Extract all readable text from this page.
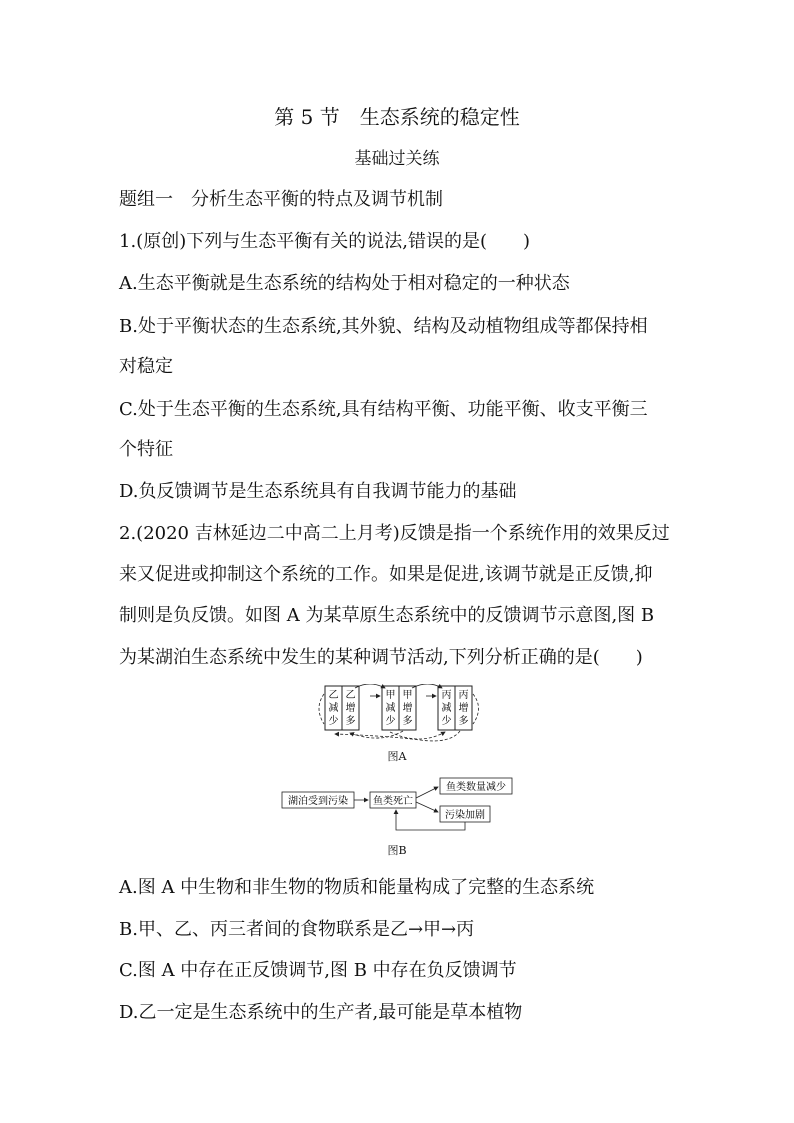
第 5 节　生态系统的稳定性
基础过关练
题组一　分析生态平衡的特点及调节机制
1.(原创)下列与生态平衡有关的说法,错误的是(　　)
A.生态平衡就是生态系统的结构处于相对稳定的一种状态
B.处于平衡状态的生态系统,其外貌、结构及动植物组成等都保持相
对稳定
C.处于生态平衡的生态系统,具有结构平衡、功能平衡、收支平衡三
个特征
D.负反馈调节是生态系统具有自我调节能力的基础
2.(2020 吉林延边二中高二上月考)反馈是指一个系统作用的效果反过
来又促进或抑制这个系统的工作。如果是促进,该调节就是正反馈,抑
制则是负反馈。如图 A 为某草原生态系统中的反馈调节示意图,图 B
为某湖泊生态系统中发生的某种调节活动,下列分析正确的是(　　)
乙
减
少
乙
增
多
甲
减
少
甲
增
多
丙
减
少
丙
增
多
图A
湖泊受到污染	鱼类死亡
鱼类数量减少
污染加剧
图B
A.图 A 中生物和非生物的物质和能量构成了完整的生态系统
B.甲、乙、丙三者间的食物联系是乙→甲→丙
C.图 A 中存在正反馈调节,图 B 中存在负反馈调节
D.乙一定是生态系统中的生产者,最可能是草本植物
